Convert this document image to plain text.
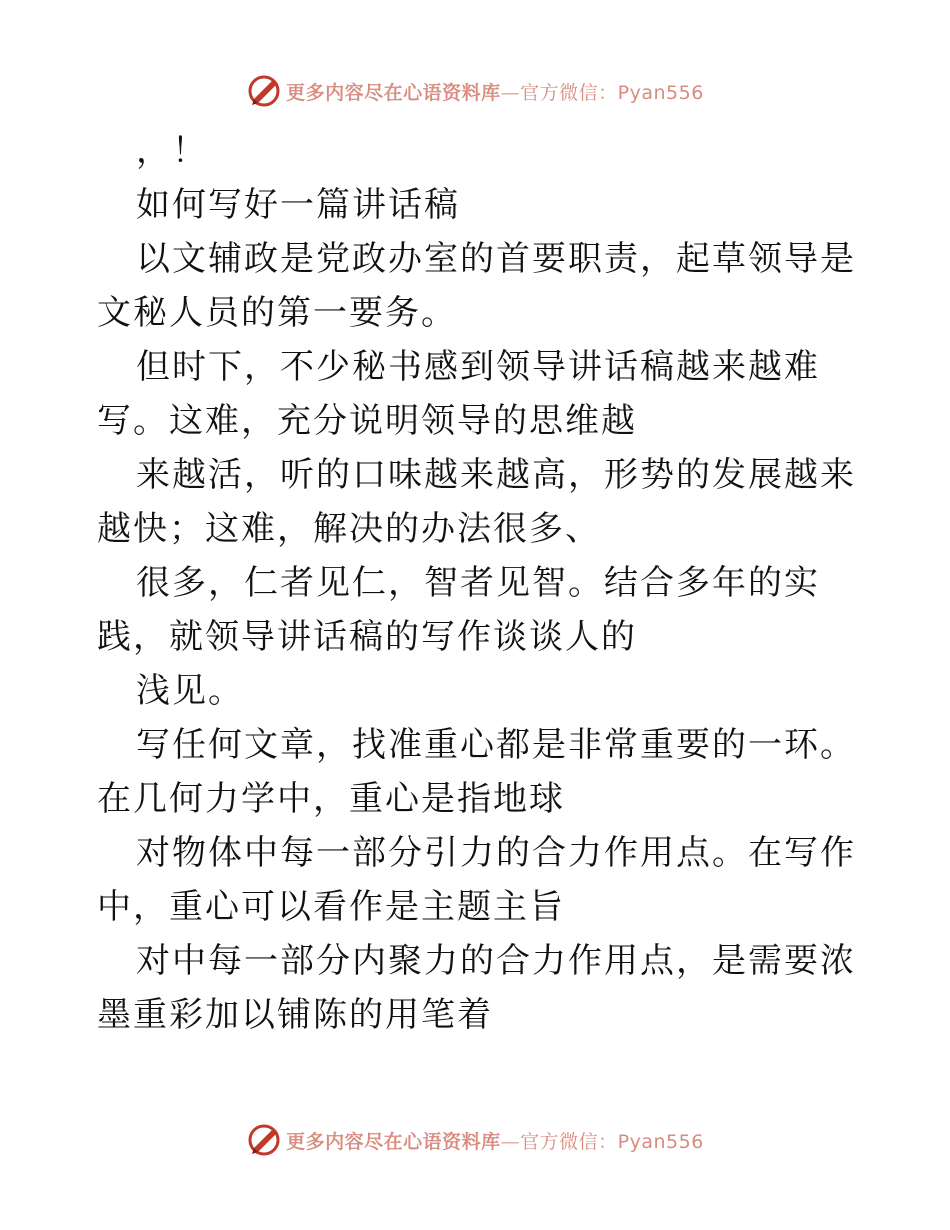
更多内容尽在心语资料库—官方微信：Pyan556

，！

如何写好一篇讲话稿

以文辅政是党政办室的首要职责，起草领导是文秘人员的第一要务。

但时下，不少秘书感到领导讲话稿越来越难写。这难，充分说明领导的思维越

来越活，听的口味越来越高，形势的发展越来越快；这难，解决的办法很多、

很多，仁者见仁，智者见智。结合多年的实践，就领导讲话稿的写作谈谈人的

浅见。

写任何文章，找准重心都是非常重要的一环。在几何力学中，重心是指地球

对物体中每一部分引力的合力作用点。在写作中，重心可以看作是主题主旨

对中每一部分内聚力的合力作用点，是需要浓墨重彩加以铺陈的用笔着

更多内容尽在心语资料库—官方微信：Pyan556
